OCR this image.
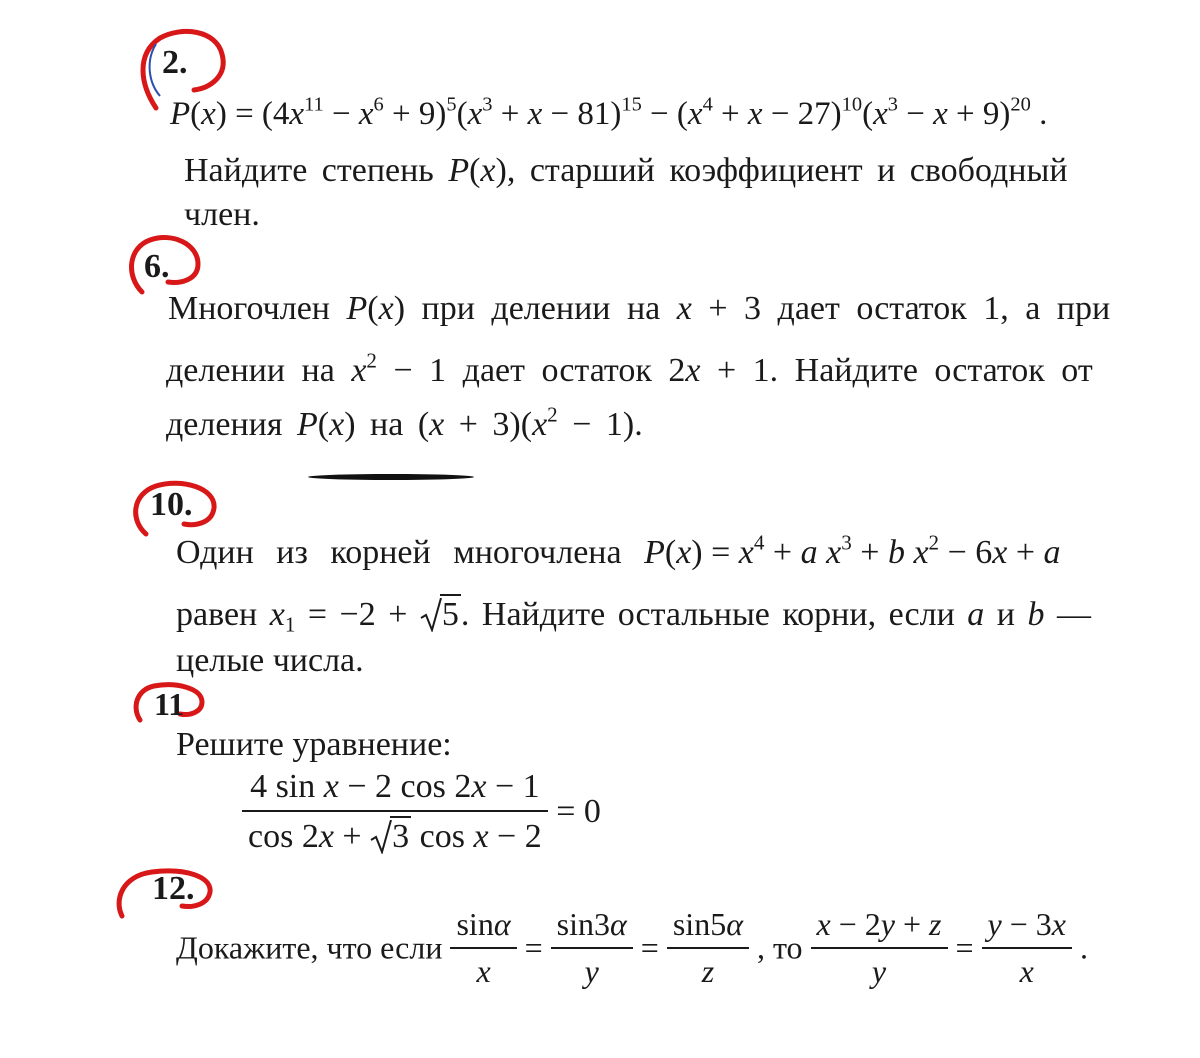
2.
$P(x) = (4x^{11} - x^6 + 9)^5(x^3 + x - 81)^{15} - (x^4 + x - 27)^{10}(x^3 - x + 9)^{20}$ .
Найдите степень P(x), старший коэффициент и свободный
член.
6.
Многочлен P(x) при делении на x + 3 дает остаток 1, а при
делении на $x^2 - 1$ дает остаток 2x + 1. Найдите остаток от
деления P(x) на $(x + 3)(x^2 - 1)$.
10.
Один из корней многочлена $P(x) = x^4 + a$ $x^3 + b$ $x^2 - 6x + a$
равен $x_1 = -2$ +
5. Найдите остальные корни, если a и b —
целые числа.
11
Решите уравнение:
4 sin x − 2 cos 2x − 1
cos 2x +
3 cos x − 2 = 0
12.
Докажите, что если $\frac{\sin\alpha}{x} = \frac{\sin 3\alpha}{y} = \frac{\sin 5\alpha}{z}$ , то $\frac{x - 2y + z}{y} = \frac{y - 3x}{x}$ .
